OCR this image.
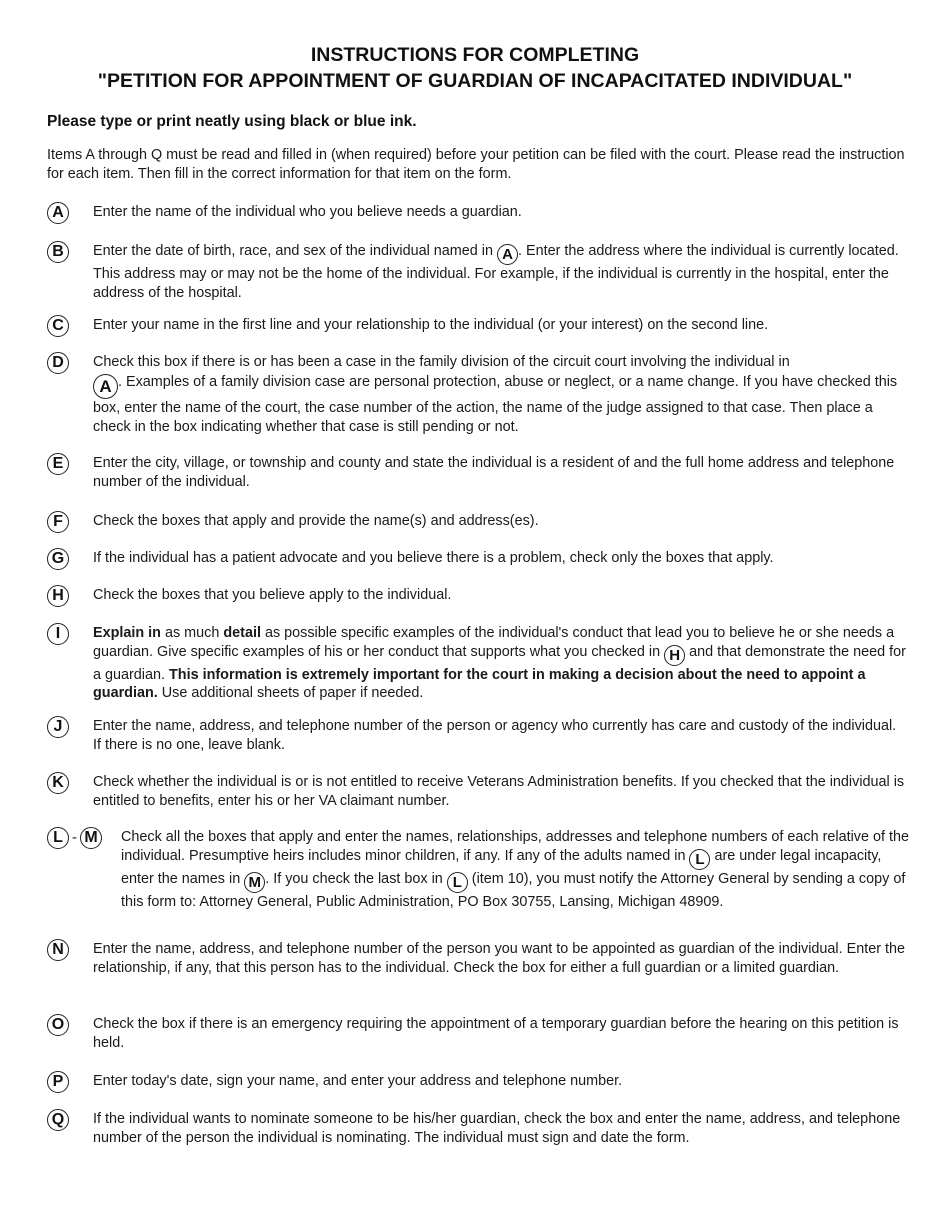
INSTRUCTIONS FOR COMPLETING
"PETITION FOR APPOINTMENT OF GUARDIAN OF INCAPACITATED INDIVIDUAL"
Please type or print neatly using black or blue ink.
Items A through Q must be read and filled in (when required) before your petition can be filed with the court. Please read the instruction for each item. Then fill in the correct information for that item on the form.
A	Enter the name of the individual who you believe needs a guardian.
B	Enter the date of birth, race, and sex of the individual named in A . Enter the address where the individual is currently located. This address may or may not be the home of the individual. For example, if the individual is currently in the hospital, enter the address of the hospital.
C	Enter your name in the first line and your relationship to the individual (or your interest) on the second line.
D	Check this box if there is or has been a case in the family division of the circuit court involving the individual in
A . Examples of a family division case are personal protection, abuse or neglect, or a name change. If you have checked this box, enter the name of the court, the case number of the action, the name of the judge assigned to that case. Then place a check in the box indicating whether that case is still pending or not.
E	Enter the city, village, or township and county and state the individual is a resident of and the full home address and telephone number of the individual.
F	Check the boxes that apply and provide the name(s) and address(es).
G	If the individual has a patient advocate and you believe there is a problem, check only the boxes that apply.
H	Check the boxes that you believe apply to the individual.
I	Explain in as much detail as possible specific examples of the individual's conduct that lead you to believe he or she needs a guardian. Give specific examples of his or her conduct that supports what you checked in H and that demonstrate the need for a guardian. This information is extremely important for the court in making a decision about the need to appoint a guardian. Use additional sheets of paper if needed.
J	Enter the name, address, and telephone number of the person or agency who currently has care and custody of the individual. If there is no one, leave blank.
K	Check whether the individual is or is not entitled to receive Veterans Administration benefits. If you checked that the individual is entitled to benefits, enter his or her VA claimant number.
L - M	Check all the boxes that apply and enter the names, relationships, addresses and telephone numbers of each relative of the individual. Presumptive heirs includes minor children, if any. If any of the adults named in L are under legal incapacity, enter the names in M . If you check the last box in L (item 10), you must notify the Attorney General by sending a copy of this form to: Attorney General, Public Administration, PO Box 30755, Lansing, Michigan 48909.
N	Enter the name, address, and telephone number of the person you want to be appointed as guardian of the individual. Enter the relationship, if any, that this person has to the individual. Check the box for either a full guardian or a limited guardian.
O	Check the box if there is an emergency requiring the appointment of a temporary guardian before the hearing on this petition is held.
P	Enter today's date, sign your name, and enter your address and telephone number.
Q	If the individual wants to nominate someone to be his/her guardian, check the box and enter the name, address, and telephone number of the person the individual is nominating. The individual must sign and date the form.
